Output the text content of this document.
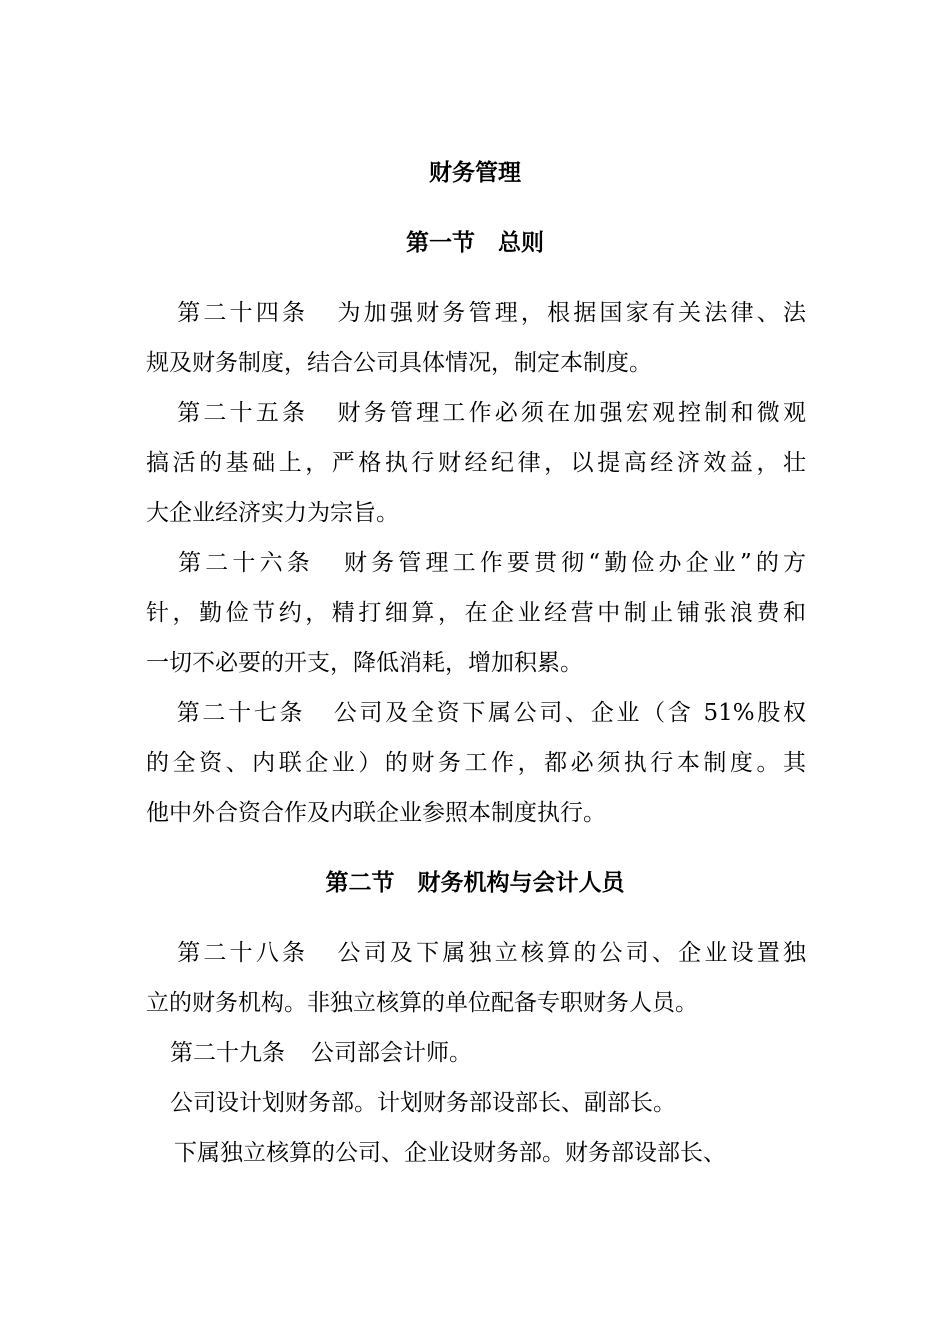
财务管理
第一节　总则
第二十四条 为加强财务管理，根据国家有关法律、法
规及财务制度，结合公司具体情况，制定本制度。
第二十五条 财务管理工作必须在加强宏观控制和微观
搞活的基础上，严格执行财经纪律，以提高经济效益，壮
大企业经济实力为宗旨。
第二十六条 财务管理工作要贯彻“勤俭办企业”的方
针，勤俭节约，精打细算，在企业经营中制止铺张浪费和
一切不必要的开支，降低消耗，增加积累。
第二十七条 公司及全资下属公司、企业（含 51%股权
的全资、内联企业）的财务工作，都必须执行本制度。其
他中外合资合作及内联企业参照本制度执行。
第二节　财务机构与会计人员
第二十八条 公司及下属独立核算的公司、企业设置独
立的财务机构。非独立核算的单位配备专职财务人员。
第二十九条 公司部会计师。
公司设计划财务部。计划财务部设部长、副部长。
下属独立核算的公司、企业设财务部。财务部设部长、
